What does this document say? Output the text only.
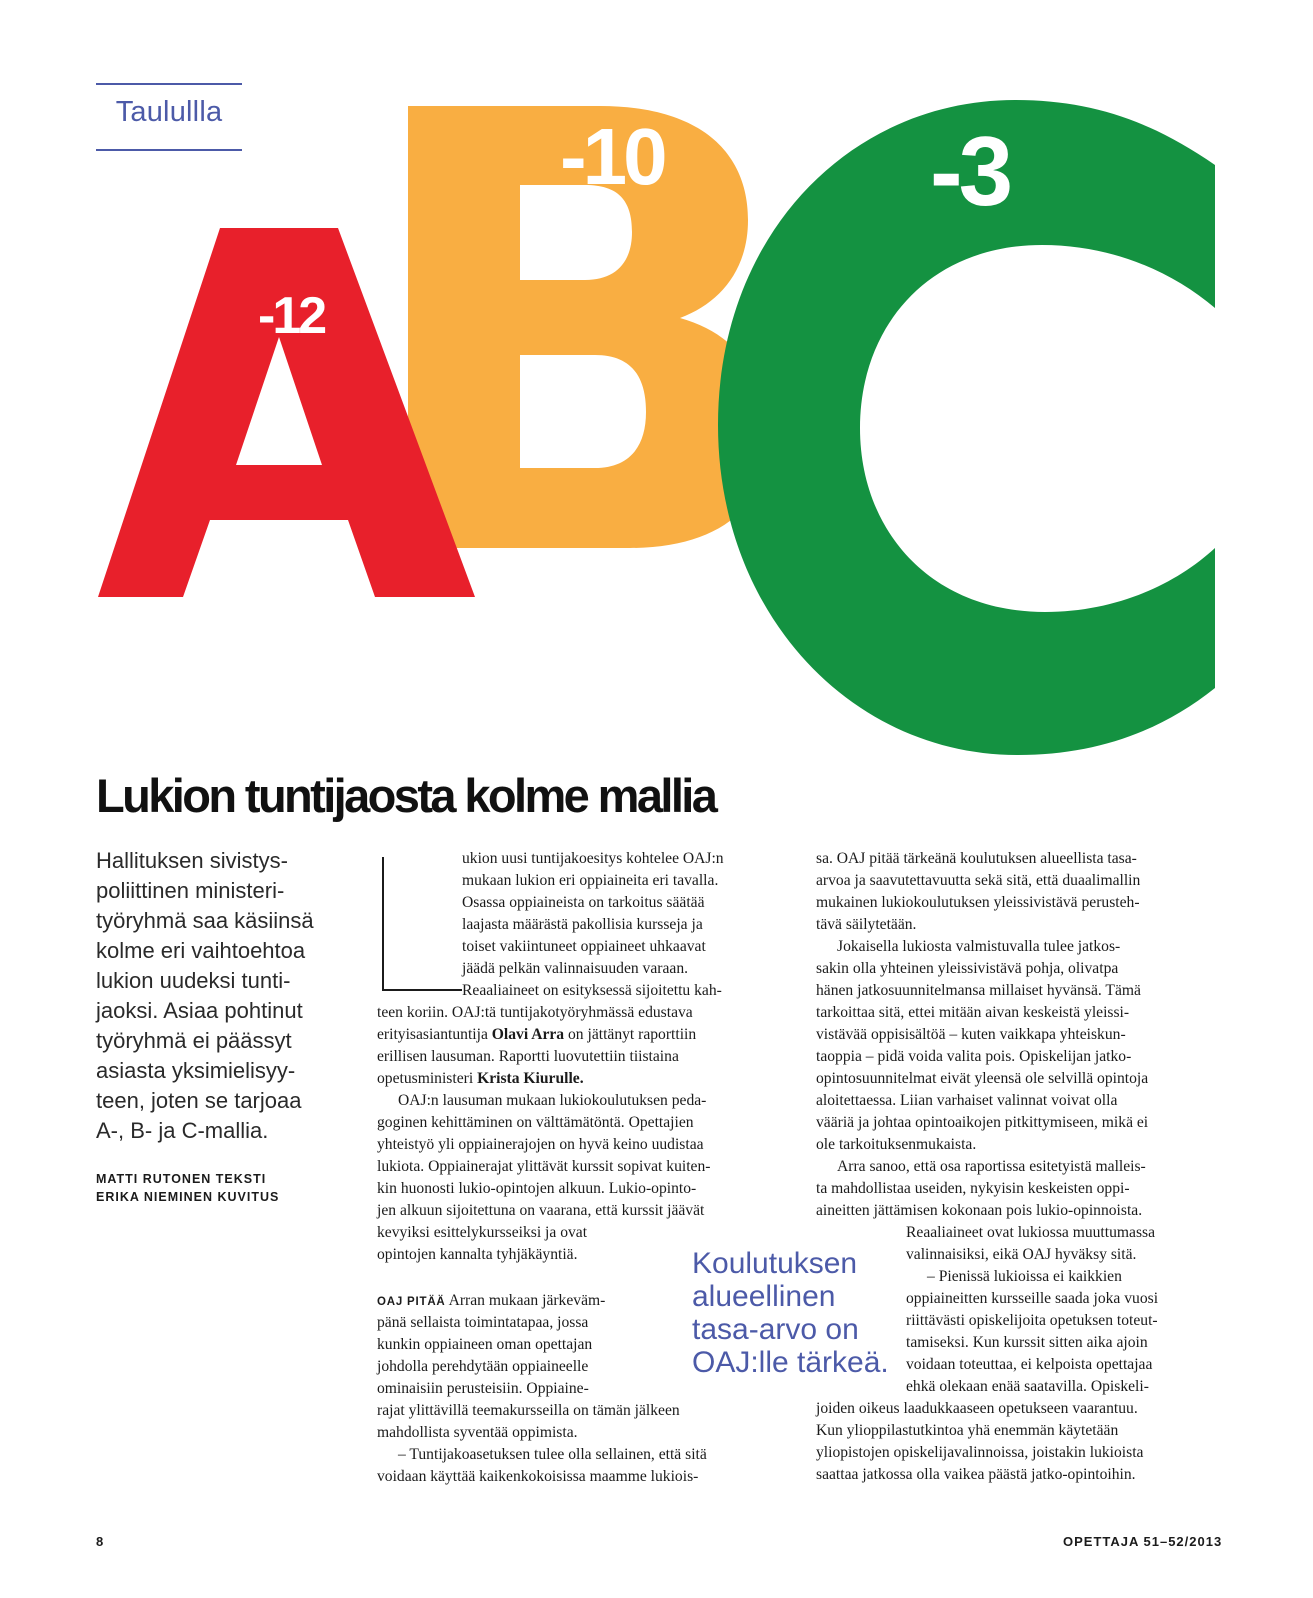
Taulullla
-12
-10	-3
Lukion tuntijaosta kolme mallia
Hallituksen sivistys-
poliittinen ministeri-
työryhmä saa käsiinsä
kolme eri vaihtoehtoa
lukion uudeksi tunti-
jaoksi. Asiaa pohtinut
työryhmä ei päässyt
asiasta yksimielisyy-
teen, joten se tarjoaa
A-, B- ja C-mallia.
MATTI RUTONEN TEKSTI
ERIKA NIEMINEN KUVITUS
ukion uusi tuntijakoesitys kohtelee OAJ:n
mukaan lukion eri oppiaineita eri tavalla.
Osassa oppiaineista on tarkoitus säätää
laajasta määrästä pakollisia kursseja ja
toiset vakiintuneet oppiaineet uhkaavat
jäädä pelkän valinnaisuuden varaan.
Reaaliaineet on esityksessä sijoitettu kah-
teen koriin. OAJ:tä tuntijakotyöryhmässä edustava
erityisasiantuntija Olavi Arra on jättänyt raporttiin
erillisen lausuman. Raportti luovutettiin tiistaina
opetusministeri Krista Kiurulle.
OAJ:n lausuman mukaan lukiokoulutuksen peda-
goginen kehittäminen on välttämätöntä. Opettajien
yhteistyö yli oppiainerajojen on hyvä keino uudistaa
lukiota. Oppiainerajat ylittävät kurssit sopivat kuiten-
kin huonosti lukio-opintojen alkuun. Lukio-opinto-
jen alkuun sijoitettuna on vaarana, että kurssit jäävät
kevyiksi esittelykursseiksi ja ovat
opintojen kannalta tyhjäkäyntiä.
OAJ PITÄÄ Arran mukaan järkeväm-
pänä sellaista toimintatapaa, jossa
kunkin oppiaineen oman opettajan
johdolla perehdytään oppiaineelle
ominaisiin perusteisiin. Oppiaine-
rajat ylittävillä teemakursseilla on tämän jälkeen
mahdollista syventää oppimista.
– Tuntijakoasetuksen tulee olla sellainen, että sitä
voidaan käyttää kaikenkokoisissa maamme lukiois-
Koulutuksen
alueellinen
tasa-arvo on
OAJ:lle tärkeä.
sa. OAJ pitää tärkeänä koulutuksen alueellista tasa-
arvoa ja saavutettavuutta sekä sitä, että duaalimallin
mukainen lukiokoulutuksen yleissivistävä perusteh-
tävä säilytetään.
Jokaisella lukiosta valmistuvalla tulee jatkos-
sakin olla yhteinen yleissivistävä pohja, olivatpa
hänen jatkosuunnitelmansa millaiset hyvänsä. Tämä
tarkoittaa sitä, ettei mitään aivan keskeistä yleissi-
vistävää oppisisältöä – kuten vaikkapa yhteiskun-
taoppia – pidä voida valita pois. Opiskelijan jatko-
opintosuunnitelmat eivät yleensä ole selvillä opintoja
aloitettaessa. Liian varhaiset valinnat voivat olla
vääriä ja johtaa opintoaikojen pitkittymiseen, mikä ei
ole tarkoituksenmukaista.
Arra sanoo, että osa raportissa esitetyistä malleis-
ta mahdollistaa useiden, nykyisin keskeisten oppi-
aineitten jättämisen kokonaan pois lukio-opinnoista.
Reaaliaineet ovat lukiossa muuttumassa
valinnaisiksi, eikä OAJ hyväksy sitä.
– Pienissä lukioissa ei kaikkien
oppiaineitten kursseille saada joka vuosi
riittävästi opiskelijoita opetuksen toteut-
tamiseksi. Kun kurssit sitten aika ajoin
voidaan toteuttaa, ei kelpoista opettajaa
ehkä olekaan enää saatavilla. Opiskeli-
joiden oikeus laadukkaaseen opetukseen vaarantuu.
Kun ylioppilastutkintoa yhä enemmän käytetään
yliopistojen opiskelijavalinnoissa, joistakin lukioista
saattaa jatkossa olla vaikea päästä jatko-opintoihin.
8	OPETTAJA 51–52/2013
